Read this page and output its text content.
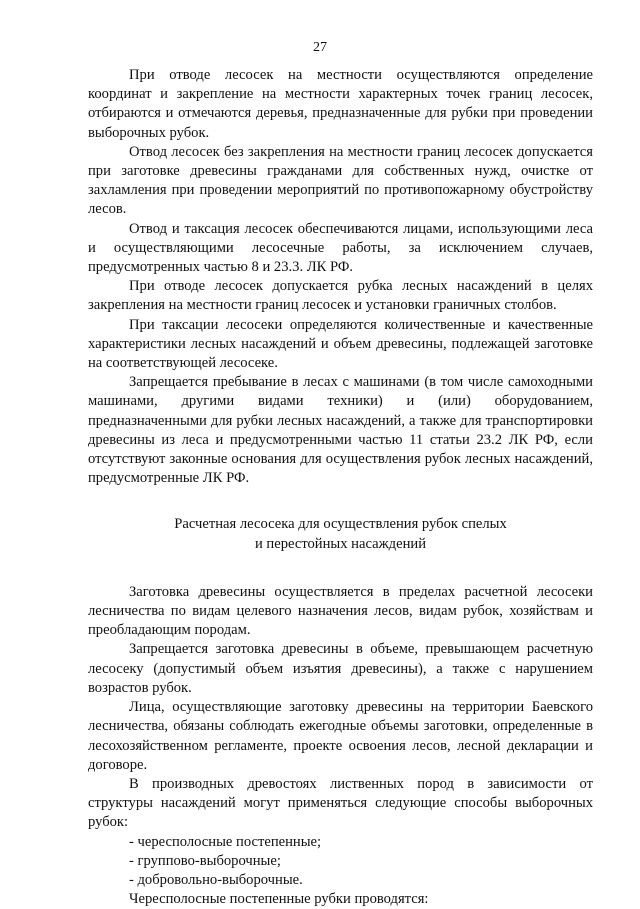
27

При отводе лесосек на местности осуществляются определение координат и закрепление на местности характерных точек границ лесосек, отбираются и отмечаются деревья, предназначенные для рубки при проведении выборочных рубок.

Отвод лесосек без закрепления на местности границ лесосек допускается при заготовке древесины гражданами для собственных нужд, очистке от захламления при проведении мероприятий по противопожарному обустройству лесов.

Отвод и таксация лесосек обеспечиваются лицами, использующими леса и осуществляющими лесосечные работы, за исключением случаев, предусмотренных частью 8 и 23.3. ЛК РФ.

При отводе лесосек допускается рубка лесных насаждений в целях закрепления на местности границ лесосек и установки граничных столбов.

При таксации лесосеки определяются количественные и качественные характеристики лесных насаждений и объем древесины, подлежащей заготовке на соответствующей лесосеке.

Запрещается пребывание в лесах с машинами (в том числе самоходными машинами, другими видами техники) и (или) оборудованием, предназначенными для рубки лесных насаждений, а также для транспортировки древесины из леса и предусмотренными частью 11 статьи 23.2 ЛК РФ, если отсутствуют законные основания для осуществления рубок лесных насаждений, предусмотренные ЛК РФ.

Расчетная лесосека для осуществления рубок спелых
и перестойных насаждений

Заготовка древесины осуществляется в пределах расчетной лесосеки лесничества по видам целевого назначения лесов, видам рубок, хозяйствам и преобладающим породам.

Запрещается заготовка древесины в объеме, превышающем расчетную лесосеку (допустимый объем изъятия древесины), а также с нарушением возрастов рубок.

Лица, осуществляющие заготовку древесины на территории Баевского лесничества, обязаны соблюдать ежегодные объемы заготовки, определенные в лесохозяйственном регламенте, проекте освоения лесов, лесной декларации и договоре.

В производных древостоях лиственных пород в зависимости от структуры насаждений могут применяться следующие способы выборочных рубок:

- чересполосные постепенные;

- группово-выборочные;

- добровольно-выборочные.

Чересполосные постепенные рубки проводятся:
